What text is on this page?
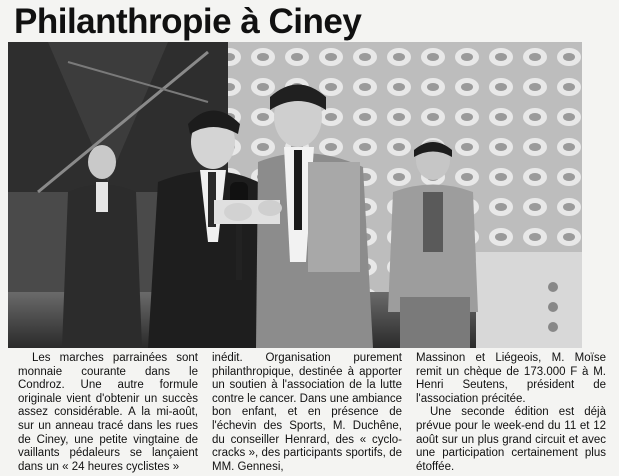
Philanthropie à Ciney

Les marches parrainées sont monnaie courante dans le Condroz. Une autre formule originale vient d'obtenir un succès assez considérable. A la mi-août, sur un anneau tracé dans les rues de Ciney, une petite vingtaine de vaillants pédaleurs se lançaient dans un « 24 heures cyclistes »

inédit. Organisation purement philanthropique, destinée à apporter un soutien à l'association de la lutte contre le cancer. Dans une ambiance bon enfant, et en présence de l'échevin des Sports, M. Duchêne, du conseiller Henrard, des « cyclo-cracks », des participants sportifs, de MM. Gennesi,

Massinon et Liégeois, M. Moïse remit un chèque de 173.000 F à M. Henri Seutens, président de l'association précitée.

Une seconde édition est déjà prévue pour le week-end du 11 et 12 août sur un plus grand circuit et avec une participation certainement plus étoffée.
